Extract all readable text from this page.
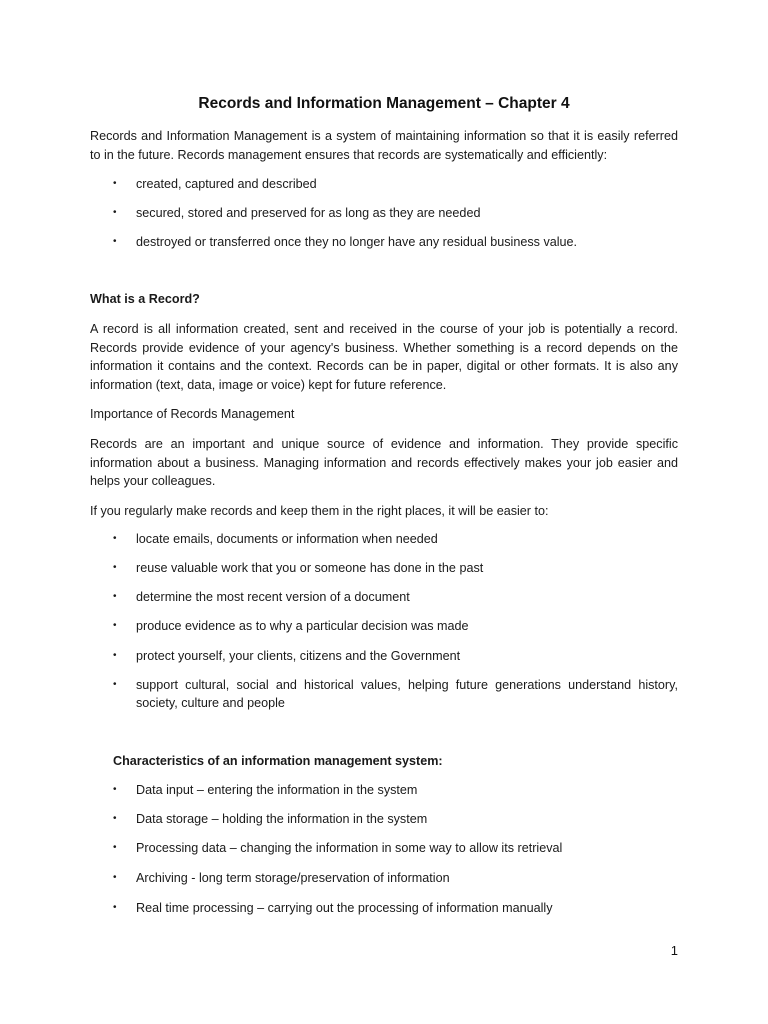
Records and Information Management – Chapter 4

Records and Information Management is a system of maintaining information so that it is easily referred to in the future. Records management ensures that records are systematically and efficiently:

• created, captured and described
• secured, stored and preserved for as long as they are needed
• destroyed or transferred once they no longer have any residual business value.

What is a Record?

A record is all information created, sent and received in the course of your job is potentially a record. Records provide evidence of your agency's business. Whether something is a record depends on the information it contains and the context. Records can be in paper, digital or other formats. It is also any information (text, data, image or voice) kept for future reference.

Importance of Records Management

Records are an important and unique source of evidence and information. They provide specific information about a business. Managing information and records effectively makes your job easier and helps your colleagues.

If you regularly make records and keep them in the right places, it will be easier to:

• locate emails, documents or information when needed
• reuse valuable work that you or someone has done in the past
• determine the most recent version of a document
• produce evidence as to why a particular decision was made
• protect yourself, your clients, citizens and the Government
• support cultural, social and historical values, helping future generations understand history, society, culture and people
Characteristics of an information management system:
• Data input – entering the information in the system
• Data storage – holding the information in the system
• Processing data – changing the information in some way to allow its retrieval
• Archiving - long term storage/preservation of information
• Real time processing – carrying out the processing of information manually
1
